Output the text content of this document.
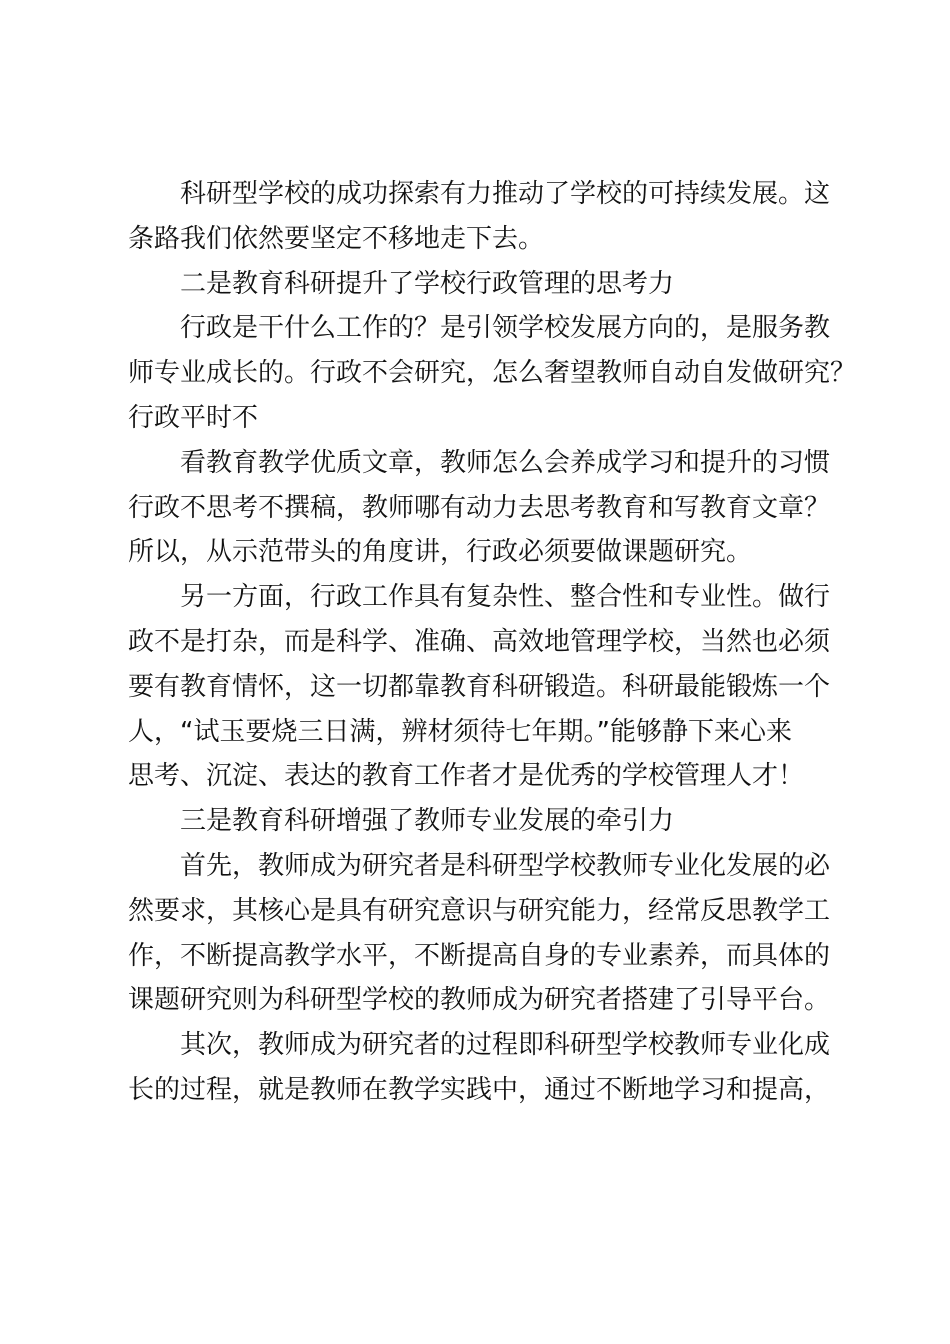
科研型学校的成功探索有力推动了学校的可持续发展。这
条路我们依然要坚定不移地走下去。
二是教育科研提升了学校行政管理的思考力
行政是干什么工作的？是引领学校发展方向的，是服务教
师专业成长的。行政不会研究，怎么奢望教师自动自发做研究？
行政平时不
看教育教学优质文章，教师怎么会养成学习和提升的习惯
行政不思考不撰稿，教师哪有动力去思考教育和写教育文章？
所以，从示范带头的角度讲，行政必须要做课题研究。
另一方面，行政工作具有复杂性、整合性和专业性。做行
政不是打杂，而是科学、准确、高效地管理学校，当然也必须
要有教育情怀，这一切都靠教育科研锻造。科研最能锻炼一个
人，“试玉要烧三日满，辨材须待七年期。”能够静下来心来
思考、沉淀、表达的教育工作者才是优秀的学校管理人才！
三是教育科研增强了教师专业发展的牵引力
首先，教师成为研究者是科研型学校教师专业化发展的必
然要求，其核心是具有研究意识与研究能力，经常反思教学工
作，不断提高教学水平，不断提高自身的专业素养，而具体的
课题研究则为科研型学校的教师成为研究者搭建了引导平台。
其次，教师成为研究者的过程即科研型学校教师专业化成
长的过程，就是教师在教学实践中，通过不断地学习和提高，
